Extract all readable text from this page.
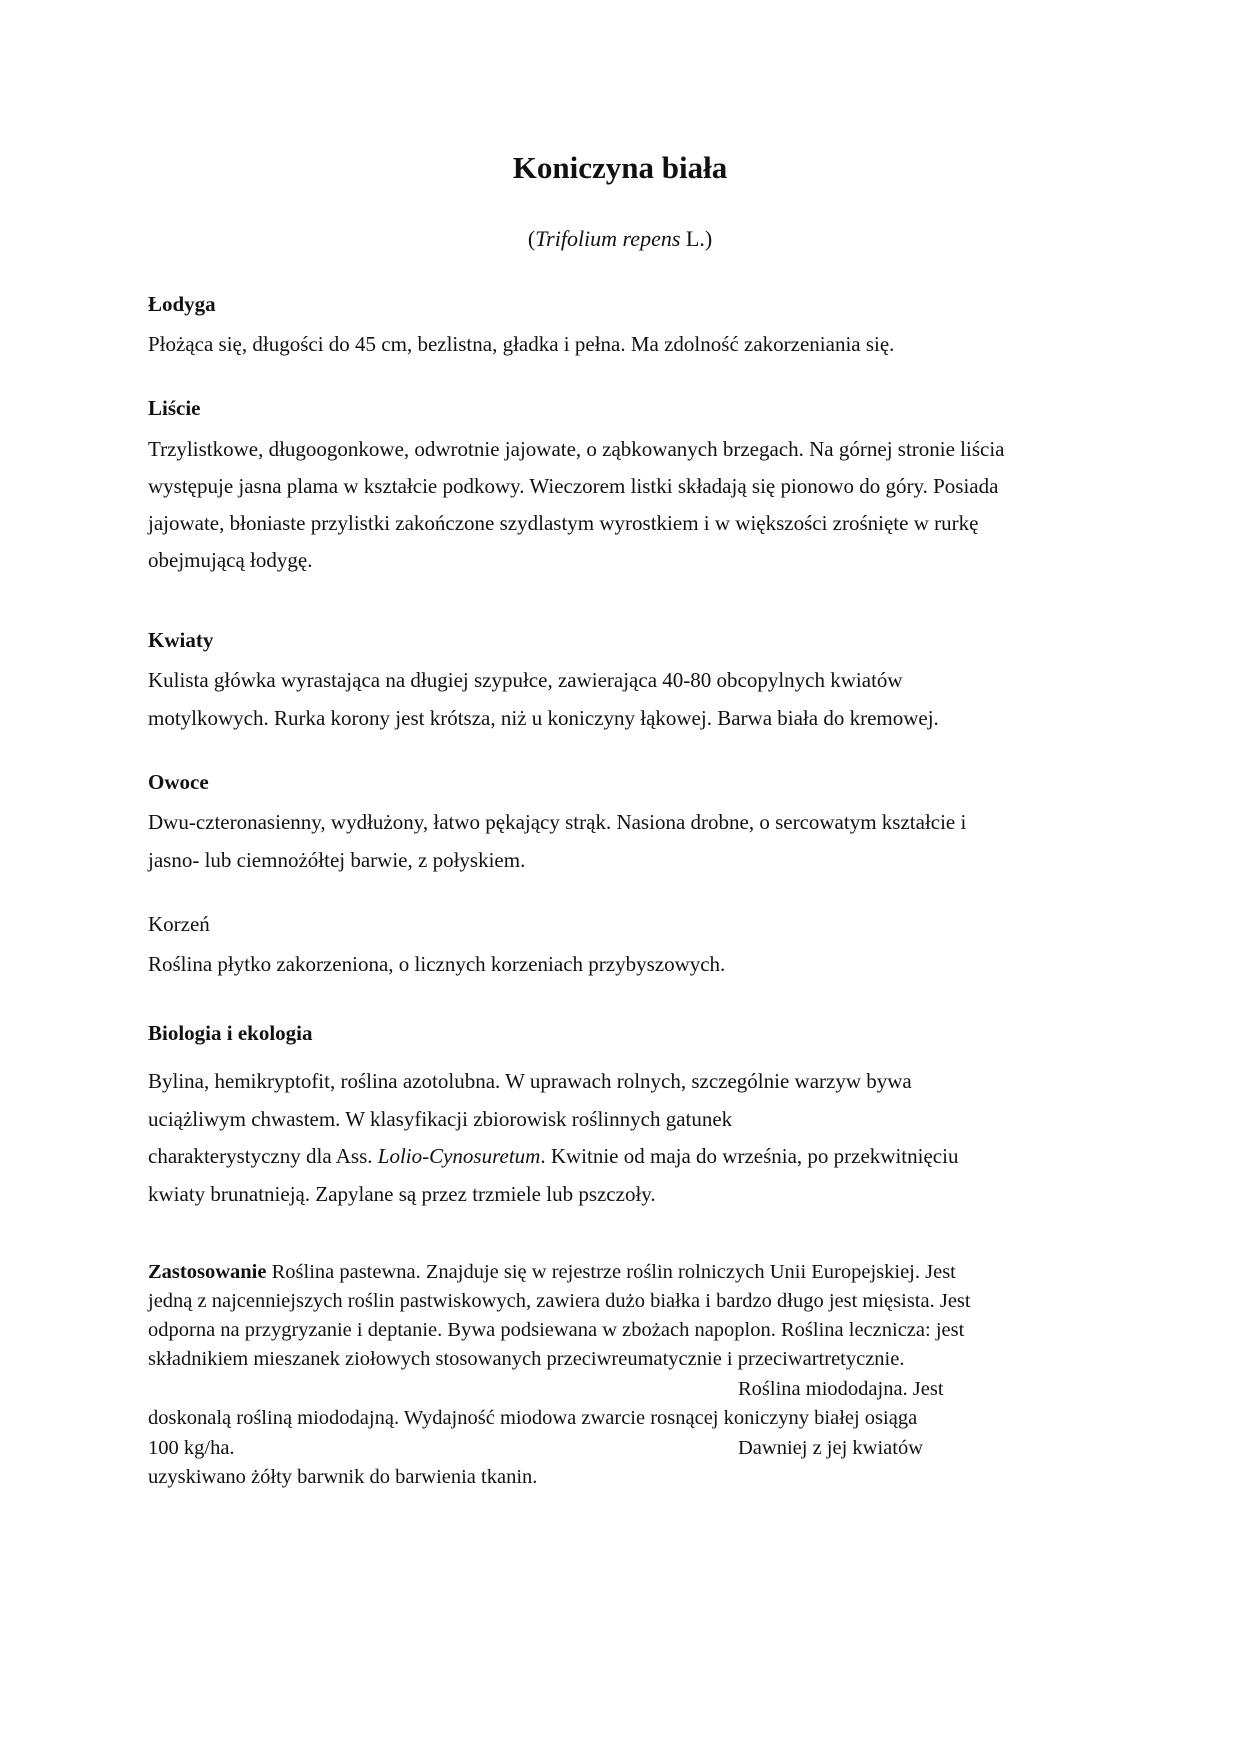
Koniczyna biała
(Trifolium repens L.)
Łodyga
Płożąca się, długości do 45 cm, bezlistna, gładka i pełna. Ma zdolność zakorzeniania się.
Liście
Trzylistkowe, długoogonkowe, odwrotnie jajowate, o ząbkowanych brzegach. Na górnej stronie liścia
występuje jasna plama w kształcie podkowy. Wieczorem listki składają się pionowo do góry. Posiada
jajowate, błoniaste przylistki zakończone szydlastym wyrostkiem i w większości zrośnięte w rurkę
obejmującą łodygę.
Kwiaty
Kulista główka wyrastająca na długiej szypułce, zawierająca 40-80 obcopylnych kwiatów
motylkowych. Rurka korony jest krótsza, niż u koniczyny łąkowej. Barwa biała do kremowej.
Owoce
Dwu-czteronasienny, wydłużony, łatwo pękający strąk. Nasiona drobne, o sercowatym kształcie i
jasno- lub ciemnożółtej barwie, z połyskiem.
Korzeń
Roślina płytko zakorzeniona, o licznych korzeniach przybyszowych.
Biologia i ekologia
Bylina, hemikryptofit, roślina azotolubna. W uprawach rolnych, szczególnie warzyw bywa
uciążliwym chwastem. W klasyfikacji zbiorowisk roślinnych gatunek
charakterystyczny dla Ass. Lolio-Cynosuretum. Kwitnie od maja do września, po przekwitnięciu
kwiaty brunatnieją. Zapylane są przez trzmiele lub pszczoły.
Zastosowanie Roślina pastewna. Znajduje się w rejestrze roślin rolniczych Unii Europejskiej. Jest
jedną z najcenniejszych roślin pastwiskowych, zawiera dużo białka i bardzo długo jest mięsista. Jest
odporna na przygryzanie i deptanie. Bywa podsiewana w zbożach napoplon. Roślina lecznicza: jest
składnikiem mieszanek ziołowych stosowanych przeciwreumatycznie i przeciwartretycznie.
Roślina miododajna. Jest
doskonalą rośliną miododajną. Wydajność miodowa zwarcie rosnącej koniczyny białej osiąga
100 kg/ha.	Dawniej z jej kwiatów
uzyskiwano żółty barwnik do barwienia tkanin.
